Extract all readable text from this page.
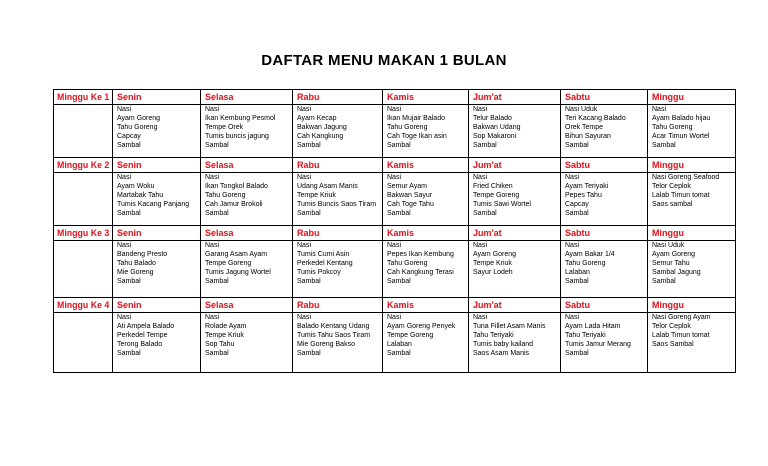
DAFTAR MENU MAKAN 1 BULAN
Minggu Ke 1	Senin	Selasa	Rabu	Kamis	Jum'at	Sabtu	Minggu

	Nasi
Ayam Goreng
Tahu Goreng
Capcay
Sambal	Nasi
Ikan Kembung Pesmol
Tempe Orek
Tumis buncis jagung
Sambal	Nasi
Ayam Kecap
Bakwan Jagung
Cah Kangkung
Sambal	Nasi
Ikan Mujair Balado
Tahu Goreng
Cah Toge Ikan asin
Sambal	Nasi
Telur Balado
Bakwan Udang
Sop Makaroni
Sambal	Nasi Uduk
Teri Kacang Balado
Orek Tempe
Bihun Sayuran
Sambal	Nasi
Ayam Balado hijau
Tahu Goreng
Acar Timun Wortel
Sambal

Minggu Ke 2	Senin	Selasa	Rabu	Kamis	Jum'at	Sabtu	Minggu

	Nasi
Ayam Woku
Martabak Tahu
Tumis Kacang Panjang
Sambal	Nasi
Ikan Tongkol Balado
Tahu Goreng
Cah Jamur Brokoli
Sambal	Nasi
Udang Asam Manis
Tempe Kriuk
Tumis Buncis Saos Tiram
Sambal	Nasi
Semur Ayam
Bakwan Sayur
Cah Toge Tahu
Sambal	Nasi
Fried Chiken
Tempe Goreng
Tumis Sawi Wortel
Sambal	Nasi
Ayam Teriyaki
Pepes Tahu
Capcay
Sambal	Nasi Goreng Seafood
Telor Ceplok
Lalab Timun tomat
Saos sambal

Minggu Ke 3	Senin	Selasa	Rabu	Kamis	Jum'at	Sabtu	Minggu

	Nasi
Bandeng Presto
Tahu Balado
Mie Goreng
Sambal	Nasi
Garang Asam Ayam
Tempe Goreng
Tumis Jagung Wortel
Sambal	Nasi
Tumis Cumi Asin
Perkedel Kentang
Tumis Pokcoy
Sambal	Nasi
Pepes Ikan Kembung
Tahu Goreng
Cah Kangkung Terasi
Sambal	Nasi
Ayam Goreng
Tempe Kriuk
Sayur Lodeh	Nasi
Ayam Bakar 1/4
Tahu Goreng
Lalaban
Sambal	Nasi Uduk
Ayam Goreng
Semur Tahu
Sambal Jagung
Sambal

Minggu Ke 4	Senin	Selasa	Rabu	Kamis	Jum'at	Sabtu	Minggu

	Nasi
Ati Ampela Balado
Perkedel Tempe
Terong Balado
Sambal	Nasi
Rolade Ayam
Tempe Kriuk
Sop Tahu
Sambal	Nasi
Balado Kentang Udang
Tumis Tahu Saos Tiram
Mie Goreng Bakso
Sambal	Nasi
Ayam Goreng Penyek
Tempe Goreng
Lalaban
Sambal	Nasi
Tuna Fillet Asam Manis
Tahu Teriyaki
Tumis baby kailand
Saos Asam Manis	Nasi
Ayam Lada Hitam
Tahu Teriyaki
Tumis Jamur Merang
Sambal	Nasi Goreng Ayam
Telor Ceplok
Lalab Timun tomat
Saos Sambal
